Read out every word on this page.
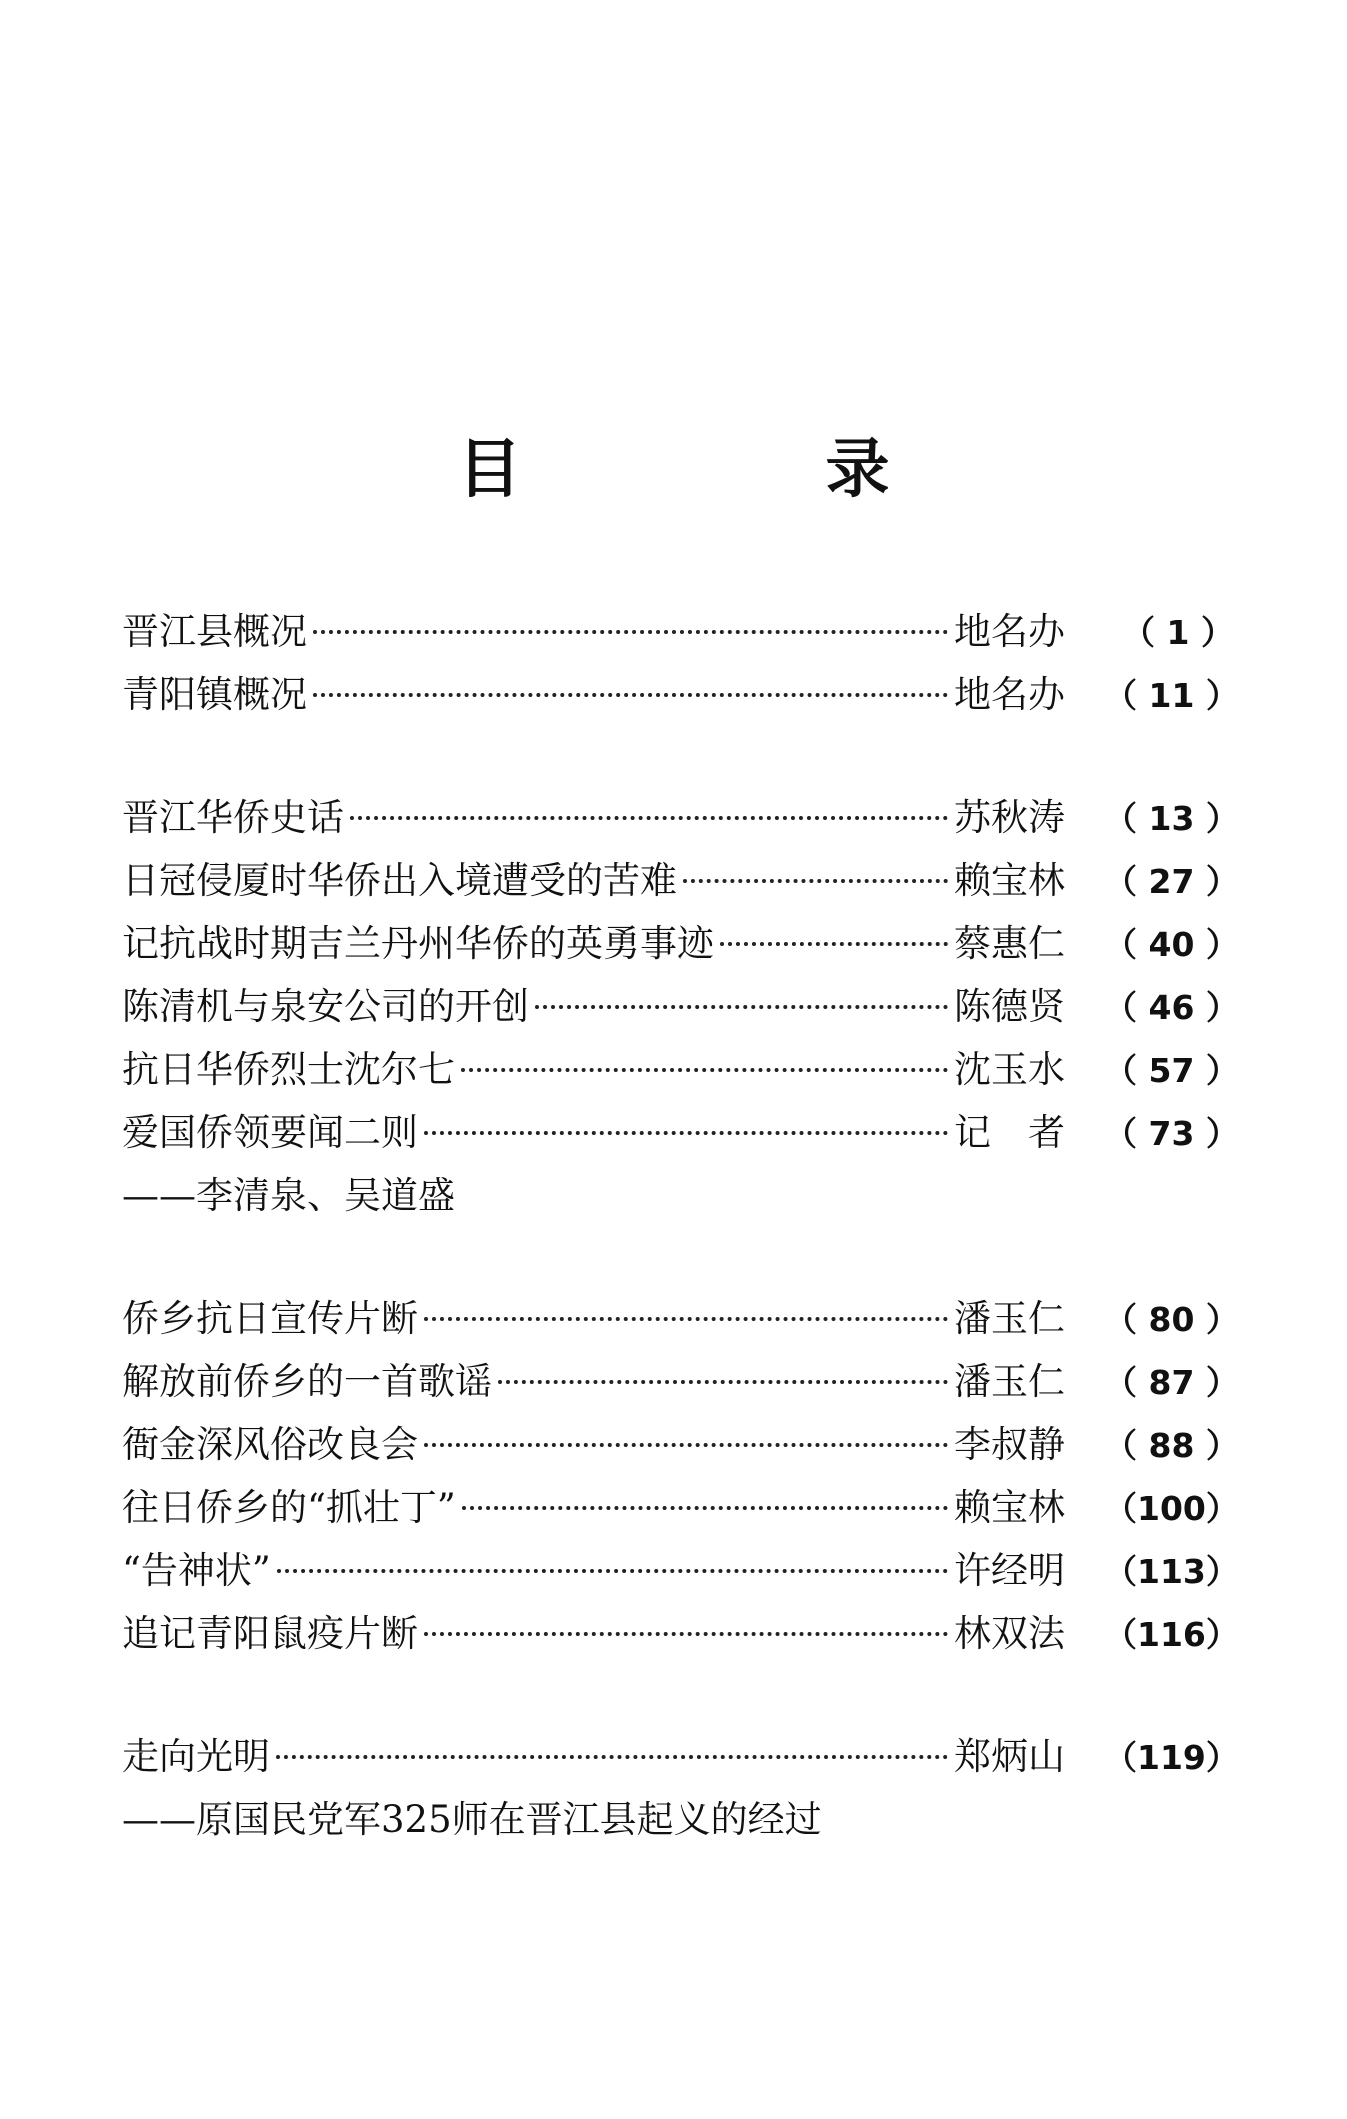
目　录
晋江县概况	地名办	（ 1 ）
青阳镇概况	地名办	（ 11 ）
晋江华侨史话	苏秋涛	（ 13 ）
日冠侵厦时华侨出入境遭受的苦难	赖宝林	（ 27 ）
记抗战时期吉兰丹州华侨的英勇事迹	蔡惠仁	（ 40 ）
陈清机与泉安公司的开创	陈德贤	（ 46 ）
抗日华侨烈士沈尔七	沈玉水	（ 57 ）
爱国侨领要闻二则	记　者	（ 73 ）
——李清泉、吴道盛
侨乡抗日宣传片断	潘玉仁	（ 80 ）
解放前侨乡的一首歌谣	潘玉仁	（ 87 ）
衙金深风俗改良会	李叔静	（ 88 ）
往日侨乡的“抓壮丁”	赖宝林	（100）
“告神状”	许经明	（113）
追记青阳鼠疫片断	林双法	（116）
走向光明	郑炳山	（119）
——原国民党军325师在晋江县起义的经过
